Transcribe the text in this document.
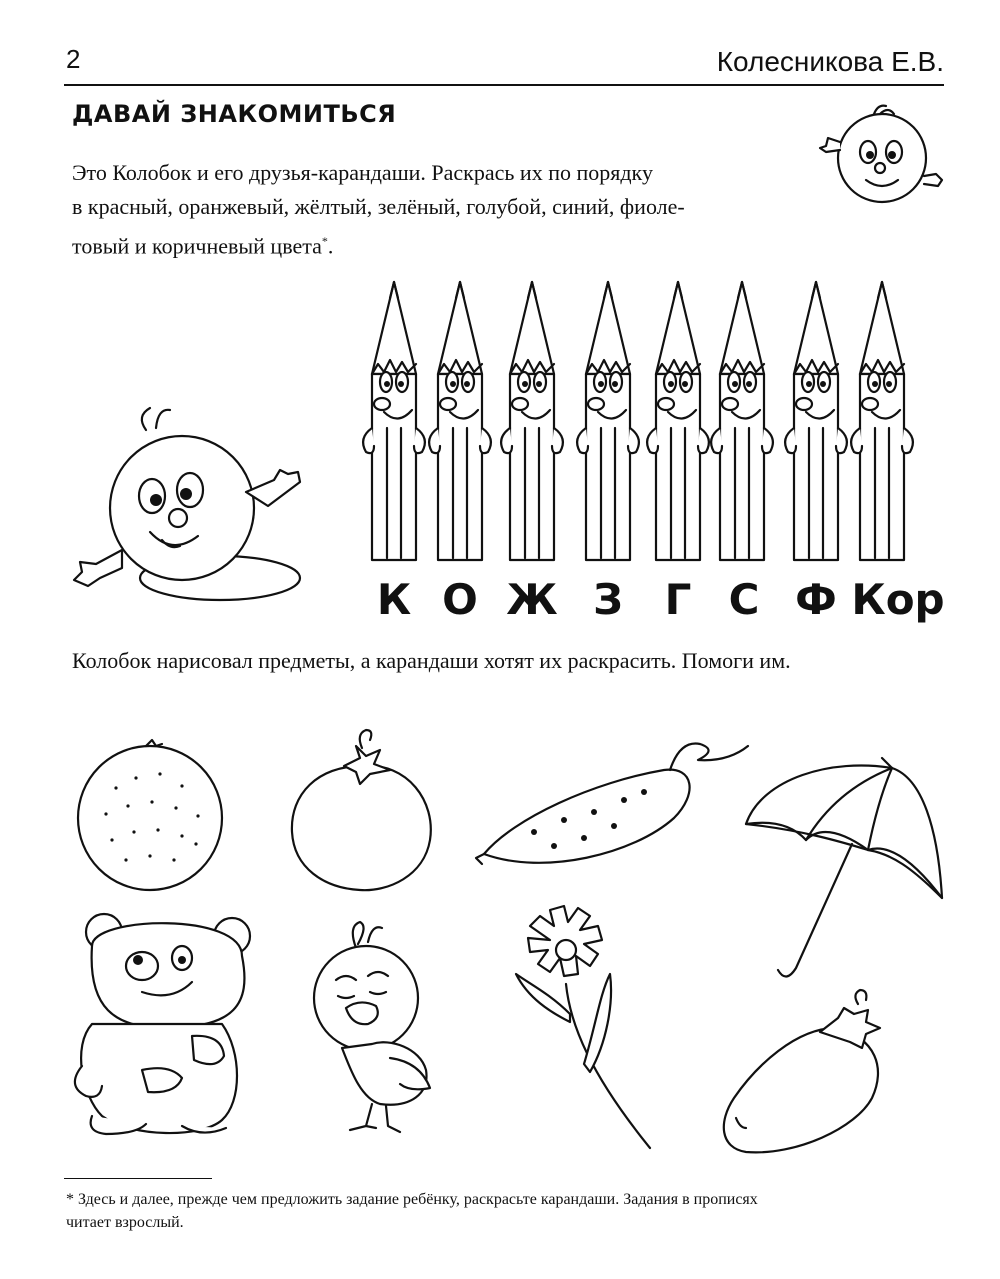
2	Колесникова Е.В.
ДАВАЙ ЗНАКОМИТЬСЯ
Это Колобок и его друзья-карандаши. Раскрась их по порядку
в красный, оранжевый, жёлтый, зелёный, голубой, синий, фиоле-
товый и коричневый цвета*.
К О Ж З Г С Ф Кор
Колобок нарисовал предметы, а карандаши хотят их раскрасить. Помоги им.
* Здесь и далее, прежде чем предложить задание ребёнку, раскрасьте карандаши. Задания в прописях
читает взрослый.
